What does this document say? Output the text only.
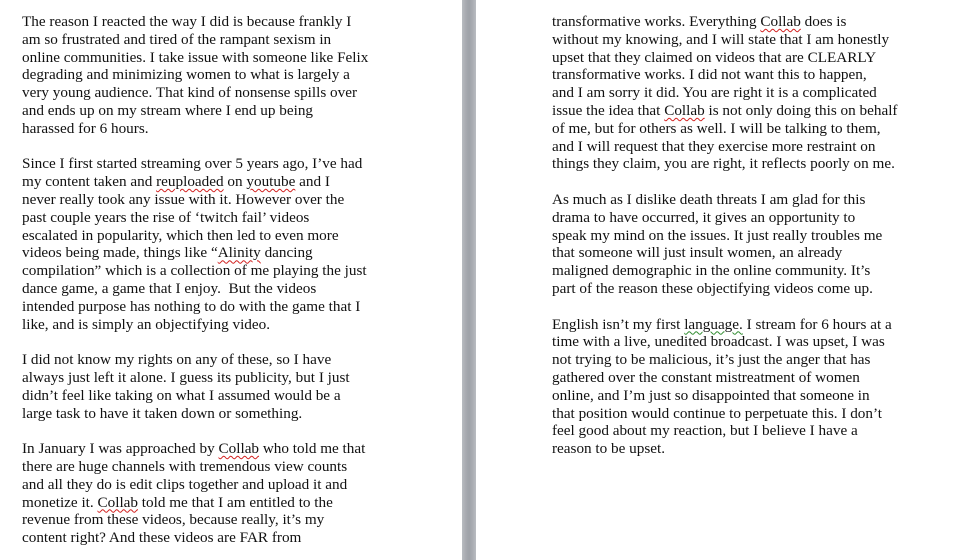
The reason I reacted the way I did is because frankly I
am so frustrated and tired of the rampant sexism in
online communities. I take issue with someone like Felix
degrading and minimizing women to what is largely a
very young audience. That kind of nonsense spills over
and ends up on my stream where I end up being
harassed for 6 hours.
Since I first started streaming over 5 years ago, I’ve had
my content taken and reuploaded on youtube and I
never really took any issue with it. However over the
past couple years the rise of ‘twitch fail’ videos
escalated in popularity, which then led to even more
videos being made, things like “Alinity dancing
compilation” which is a collection of me playing the just
dance game, a game that I enjoy.  But the videos
intended purpose has nothing to do with the game that I
like, and is simply an objectifying video.
I did not know my rights on any of these, so I have
always just left it alone. I guess its publicity, but I just
didn’t feel like taking on what I assumed would be a
large task to have it taken down or something.
In January I was approached by Collab who told me that
there are huge channels with tremendous view counts
and all they do is edit clips together and upload it and
monetize it. Collab told me that I am entitled to the
revenue from these videos, because really, it’s my
content right? And these videos are FAR from
transformative works. Everything Collab does is
without my knowing, and I will state that I am honestly
upset that they claimed on videos that are CLEARLY
transformative works. I did not want this to happen,
and I am sorry it did. You are right it is a complicated
issue the idea that Collab is not only doing this on behalf
of me, but for others as well. I will be talking to them,
and I will request that they exercise more restraint on
things they claim, you are right, it reflects poorly on me.
As much as I dislike death threats I am glad for this
drama to have occurred, it gives an opportunity to
speak my mind on the issues. It just really troubles me
that someone will just insult women, an already
maligned demographic in the online community. It’s
part of the reason these objectifying videos come up.
English isn’t my first language. I stream for 6 hours at a
time with a live, unedited broadcast. I was upset, I was
not trying to be malicious, it’s just the anger that has
gathered over the constant mistreatment of women
online, and I’m just so disappointed that someone in
that position would continue to perpetuate this. I don’t
feel good about my reaction, but I believe I have a
reason to be upset.
